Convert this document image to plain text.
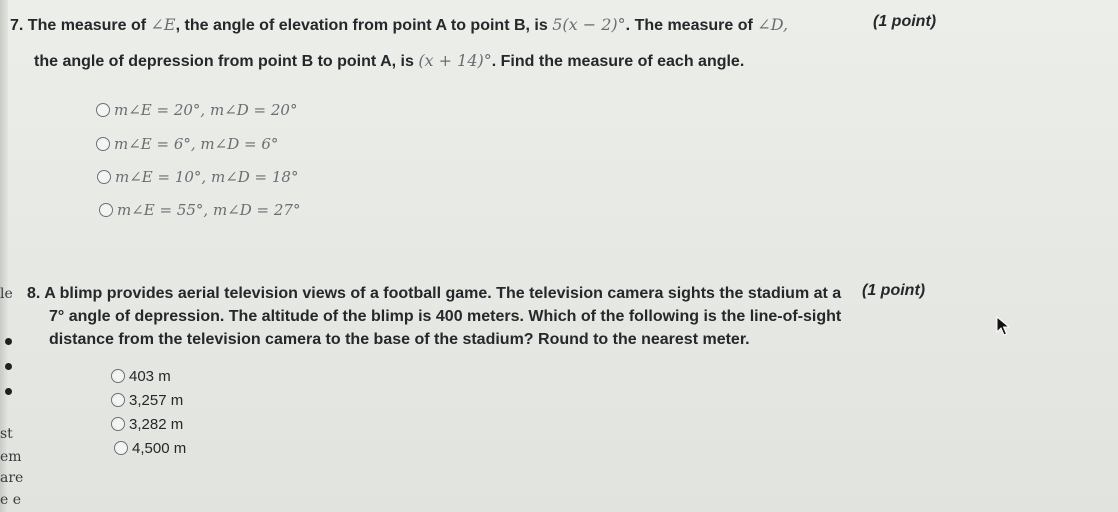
7. The measure of ∠E, the angle of elevation from point A to point B, is 5(x − 2)°. The measure of ∠D,	(1 point)
the angle of depression from point B to point A, is (x + 14)°. Find the measure of each angle.
m∠E = 20°, m∠D = 20°
m∠E = 6°, m∠D = 6°
m∠E = 10°, m∠D = 18°
m∠E = 55°, m∠D = 27°
8. A blimp provides aerial television views of a football game. The television camera sights the stadium at a (1 point)
7° angle of depression. The altitude of the blimp is 400 meters. Which of the following is the line-of-sight
distance from the television camera to the base of the stadium? Round to the nearest meter.
403 m
3,257 m
3,282 m
4,500 m
le
st
em
are
e e
